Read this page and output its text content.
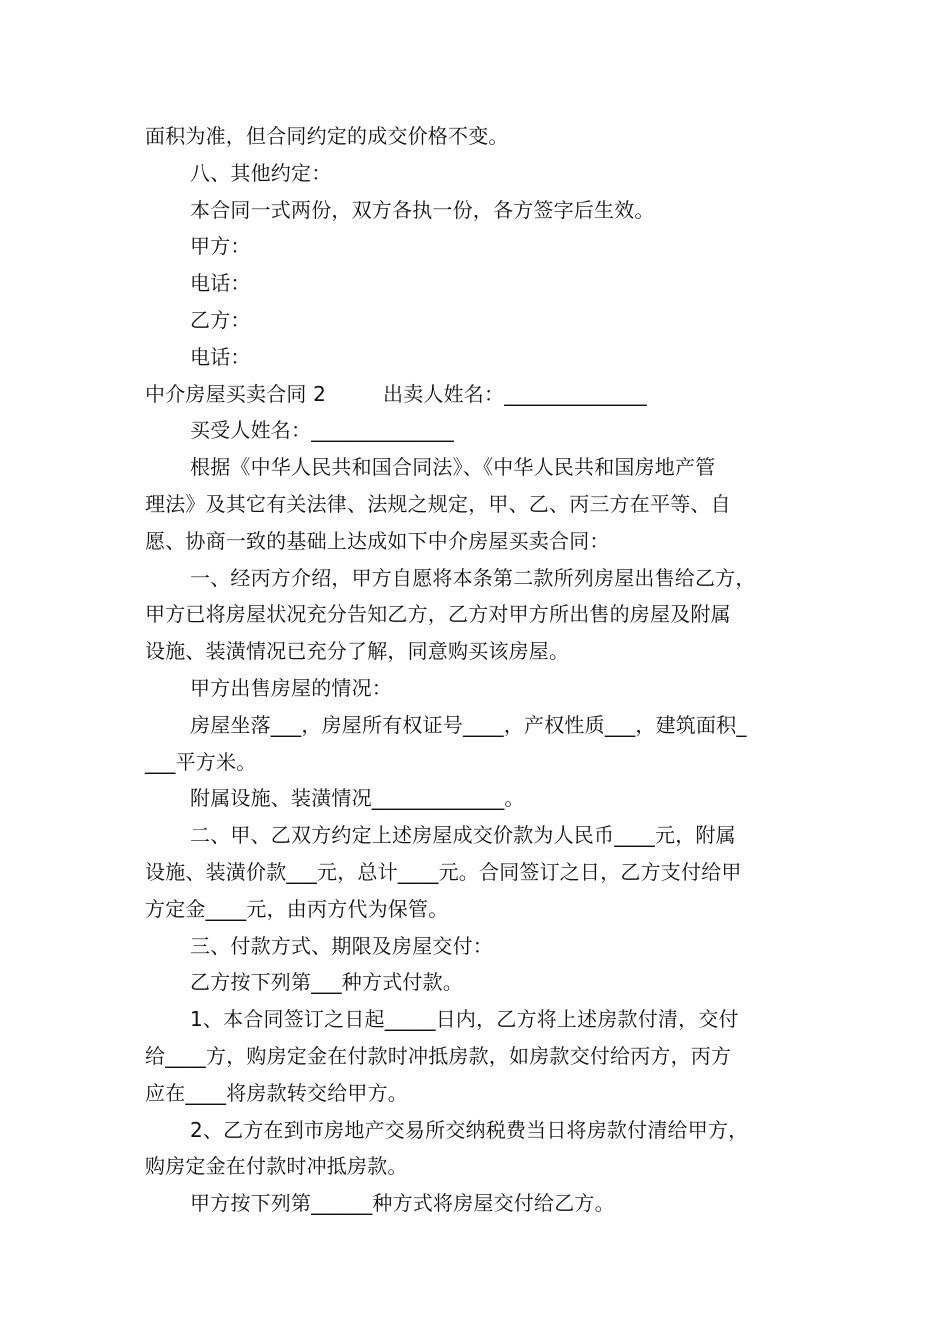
面积为准，但合同约定的成交价格不变。
八、其他约定：
本合同一式两份，双方各执一份，各方签字后生效。
甲方：
电话：
乙方：
电话：
中介房屋买卖合同 2	出卖人姓名：______________
买受人姓名：______________
根据《中华人民共和国合同法》、《中华人民共和国房地产管
理法》及其它有关法律、法规之规定，甲、乙、丙三方在平等、自
愿、协商一致的基础上达成如下中介房屋买卖合同：
一、经丙方介绍，甲方自愿将本条第二款所列房屋出售给乙方，
甲方已将房屋状况充分告知乙方，乙方对甲方所出售的房屋及附属
设施、装潢情况已充分了解，同意购买该房屋。
甲方出售房屋的情况：
房屋坐落___，房屋所有权证号____，产权性质___，建筑面积_
___平方米。
附属设施、装潢情况_____________。
二、甲、乙双方约定上述房屋成交价款为人民币____元，附属
设施、装潢价款___元，总计____元。合同签订之日，乙方支付给甲
方定金____元，由丙方代为保管。
三、付款方式、期限及房屋交付：
乙方按下列第___种方式付款。
1、本合同签订之日起_____日内，乙方将上述房款付清，交付
给____方，购房定金在付款时冲抵房款，如房款交付给丙方，丙方
应在____将房款转交给甲方。
2、乙方在到市房地产交易所交纳税费当日将房款付清给甲方，
购房定金在付款时冲抵房款。
甲方按下列第______种方式将房屋交付给乙方。
